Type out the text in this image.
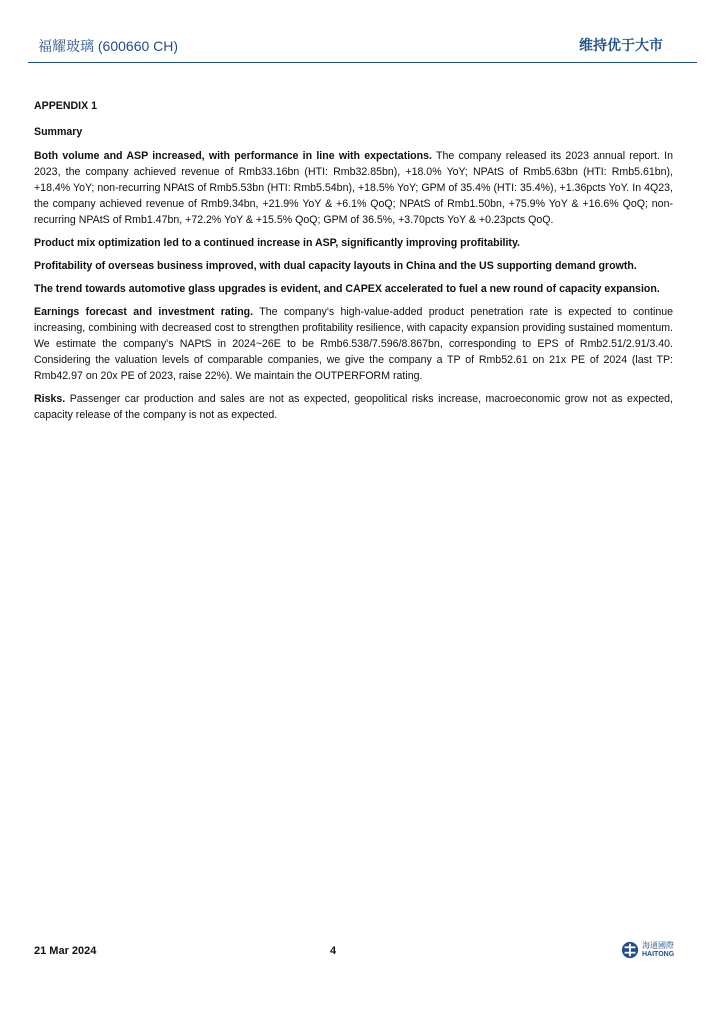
福耀玻璃 (600660 CH)	维持优于大市
APPENDIX 1
Summary

Both volume and ASP increased, with performance in line with expectations. The company released its 2023 annual report. In 2023, the company achieved revenue of Rmb33.16bn (HTI: Rmb32.85bn), +18.0% YoY; NPAtS of Rmb5.63bn (HTI: Rmb5.61bn), +18.4% YoY; non-recurring NPAtS of Rmb5.53bn (HTI: Rmb5.54bn), +18.5% YoY; GPM of 35.4% (HTI: 35.4%), +1.36pcts YoY. In 4Q23, the company achieved revenue of Rmb9.34bn, +21.9% YoY & +6.1% QoQ; NPAtS of Rmb1.50bn, +75.9% YoY & +16.6% QoQ; non-recurring NPAtS of Rmb1.47bn, +72.2% YoY & +15.5% QoQ; GPM of 36.5%, +3.70pcts YoY & +0.23pcts QoQ.

Product mix optimization led to a continued increase in ASP, significantly improving profitability.

Profitability of overseas business improved, with dual capacity layouts in China and the US supporting demand growth.

The trend towards automotive glass upgrades is evident, and CAPEX accelerated to fuel a new round of capacity expansion.

Earnings forecast and investment rating. The company's high-value-added product penetration rate is expected to continue increasing, combining with decreased cost to strengthen profitability resilience, with capacity expansion providing sustained momentum. We estimate the company's NAPtS in 2024~26E to be Rmb6.538/7.596/8.867bn, corresponding to EPS of Rmb2.51/2.91/3.40. Considering the valuation levels of comparable companies, we give the company a TP of Rmb52.61 on 21x PE of 2024 (last TP: Rmb42.97 on 20x PE of 2023, raise 22%). We maintain the OUTPERFORM rating.

Risks. Passenger car production and sales are not as expected, geopolitical risks increase, macroeconomic grow not as expected, capacity release of the company is not as expected.

21 Mar 2024	4	海通國際
HAITONG
